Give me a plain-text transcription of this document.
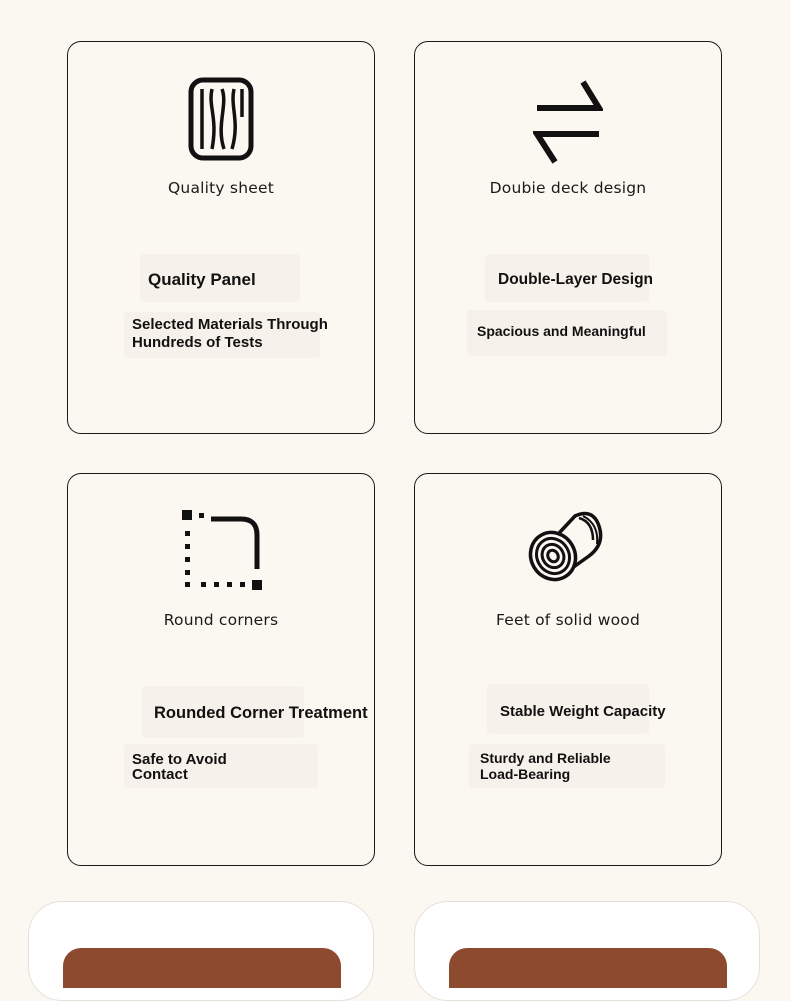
Quality sheet
Quality Panel
Selected Materials Through
Hundreds of Tests
Doubie deck design
Double-Layer Design
Spacious and Meaningful
Round corners
Rounded Corner Treatment
Safe to Avoid
Contact
Feet of solid wood
Stable Weight Capacity
Sturdy and Reliable
Load-Bearing
